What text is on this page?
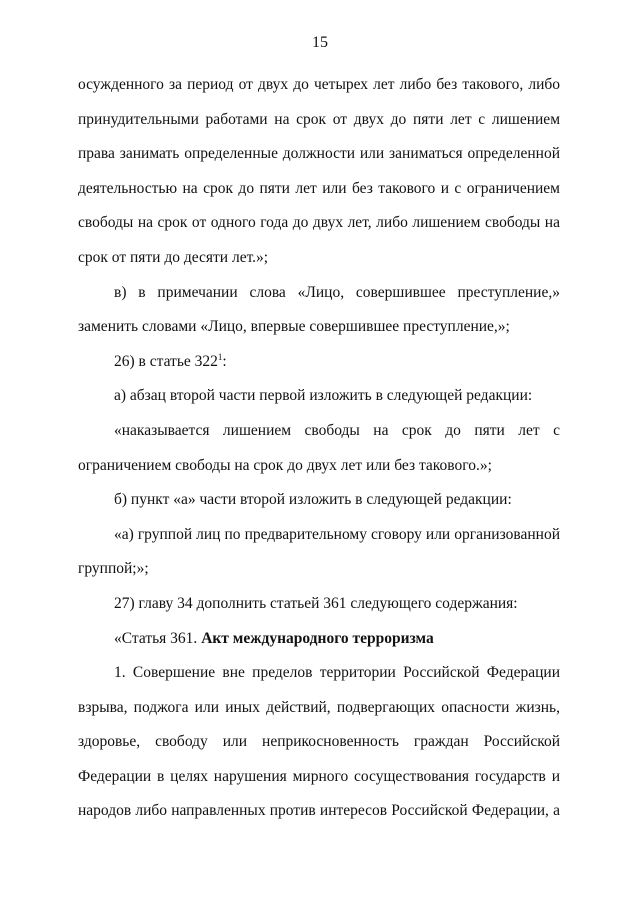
15

осужденного за период от двух до четырех лет либо без такового, либо принудительными работами на срок от двух до пяти лет с лишением права занимать определенные должности или заниматься определенной деятельностью на срок до пяти лет или без такового и с ограничением свободы на срок от одного года до двух лет, либо лишением свободы на срок от пяти до десяти лет.»;

в) в примечании слова «Лицо, совершившее преступление,» заменить словами «Лицо, впервые совершившее преступление,»;

26) в статье $322^1$:

а) абзац второй части первой изложить в следующей редакции:

«наказывается лишением свободы на срок до пяти лет с ограничением свободы на срок до двух лет или без такового.»;

б) пункт «а» части второй изложить в следующей редакции:

«а) группой лиц по предварительному сговору или организованной группой;»;

27) главу 34 дополнить статьей 361 следующего содержания:

«Статья 361. Акт международного терроризма

1. Совершение вне пределов территории Российской Федерации взрыва, поджога или иных действий, подвергающих опасности жизнь, здоровье, свободу или неприкосновенность граждан Российской Федерации в целях нарушения мирного сосуществования государств и народов либо направленных против интересов Российской Федерации, а
